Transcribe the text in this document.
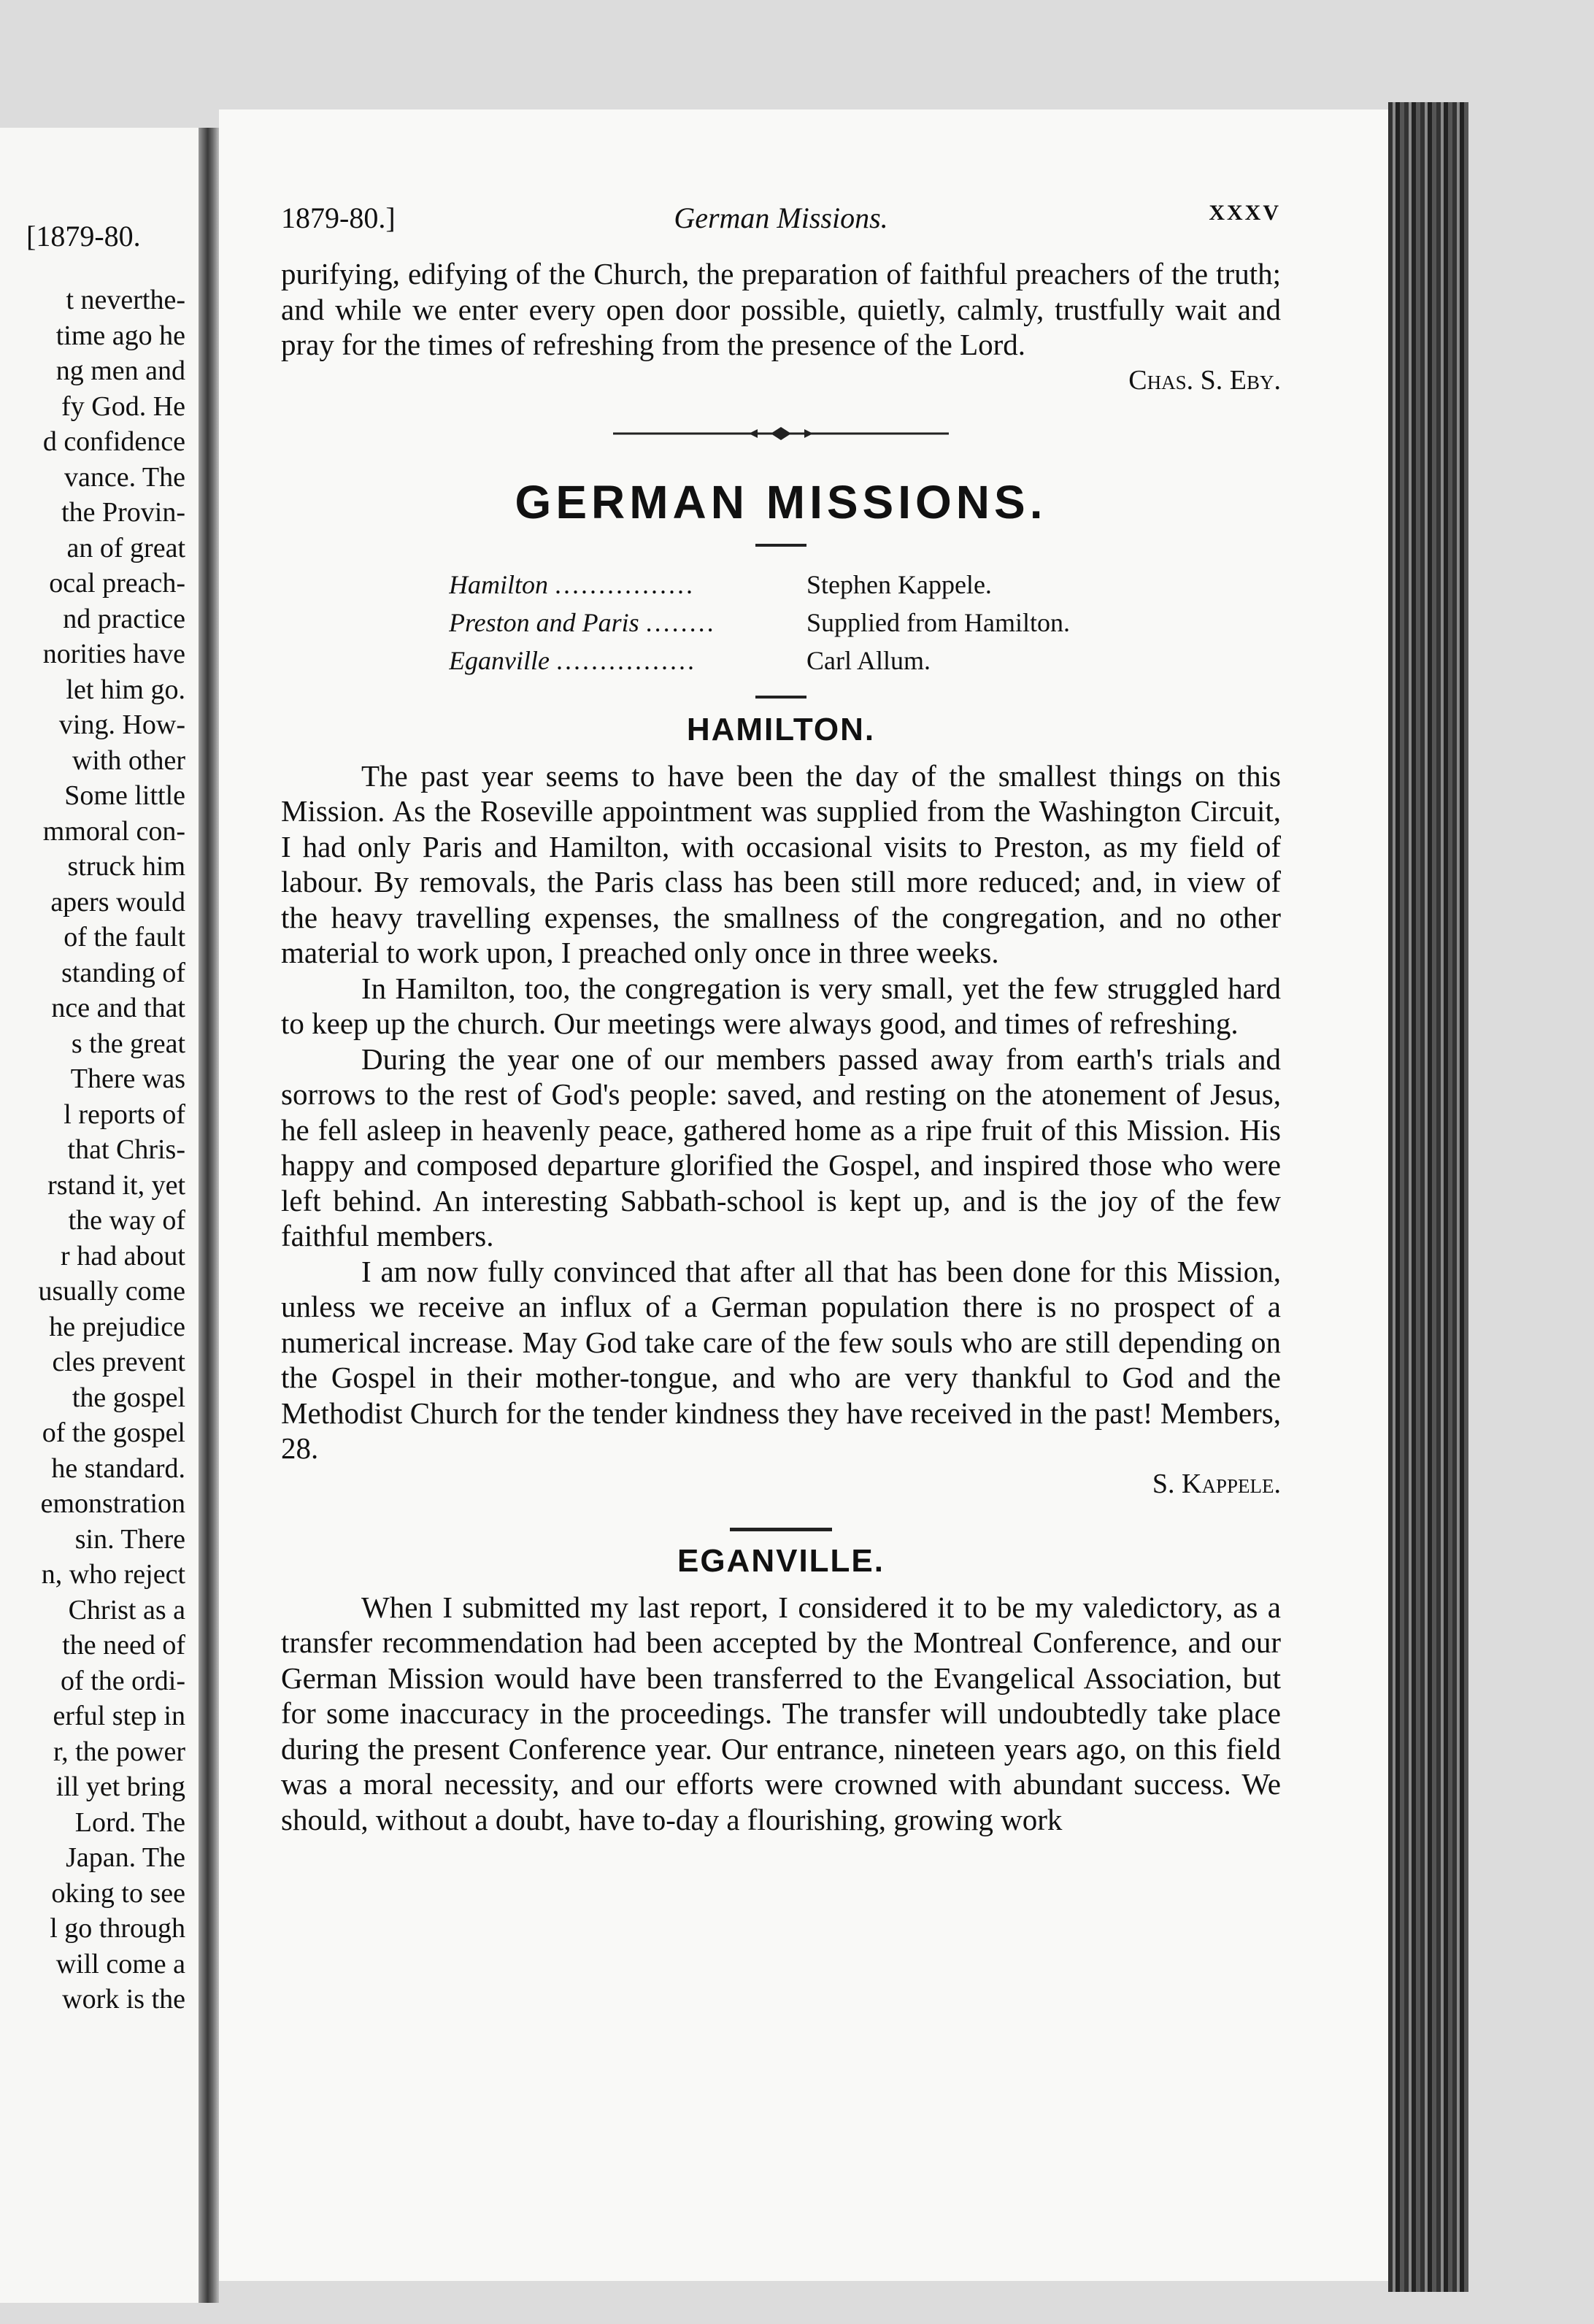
[1879-80.
t neverthe-
time ago he
ng men and
fy God. He
d confidence
vance. The
the Provin-
an of great
ocal preach-
nd practice
norities have
let him go.
ving. How-
with other
Some little
mmoral con-
struck him
apers would
of the fault
standing of
nce and that
s the great
There was
l reports of
that Chris-
rstand it, yet
the way of
r had about
usually come
he prejudice
cles prevent
the gospel
of the gospel
he standard.
emonstration
sin. There
n, who reject
Christ as a
the need of
of the ordi-
erful step in
r, the power
ill yet bring
Lord. The
Japan. The
oking to see
l go through
will come a
work is the
1879-80.]	German Missions.	XXXV

purifying, edifying of the Church, the preparation of faithful preachers of the truth; and while we enter every open door possible, quietly, calmly, trustfully wait and pray for the times of refreshing from the presence of the Lord.

Chas. S. Eby.
GERMAN MISSIONS.
Hamilton ................	Stephen Kappele.
Preston and Paris ........	Supplied from Hamilton.
Eganville ................	Carl Allum.
HAMILTON.

The past year seems to have been the day of the smallest things on this Mission. As the Roseville appointment was supplied from the Washington Circuit, I had only Paris and Hamilton, with occasional visits to Preston, as my field of labour. By removals, the Paris class has been still more reduced; and, in view of the heavy travelling expenses, the smallness of the congregation, and no other material to work upon, I preached only once in three weeks.

In Hamilton, too, the congregation is very small, yet the few struggled hard to keep up the church. Our meetings were always good, and times of refreshing.

During the year one of our members passed away from earth's trials and sorrows to the rest of God's people: saved, and resting on the atonement of Jesus, he fell asleep in heavenly peace, gathered home as a ripe fruit of this Mission. His happy and composed departure glorified the Gospel, and inspired those who were left behind. An interesting Sabbath-school is kept up, and is the joy of the few faithful members.

I am now fully convinced that after all that has been done for this Mission, unless we receive an influx of a German population there is no prospect of a numerical increase. May God take care of the few souls who are still depending on the Gospel in their mother-tongue, and who are very thankful to God and the Methodist Church for the tender kindness they have received in the past! Members, 28.

S. Kappele.
EGANVILLE.

When I submitted my last report, I considered it to be my valedictory, as a transfer recommendation had been accepted by the Montreal Conference, and our German Mission would have been transferred to the Evangelical Association, but for some inaccuracy in the proceedings. The transfer will undoubtedly take place during the present Conference year. Our entrance, nineteen years ago, on this field was a moral necessity, and our efforts were crowned with abundant success. We should, without a doubt, have to-day a flourishing, growing work
